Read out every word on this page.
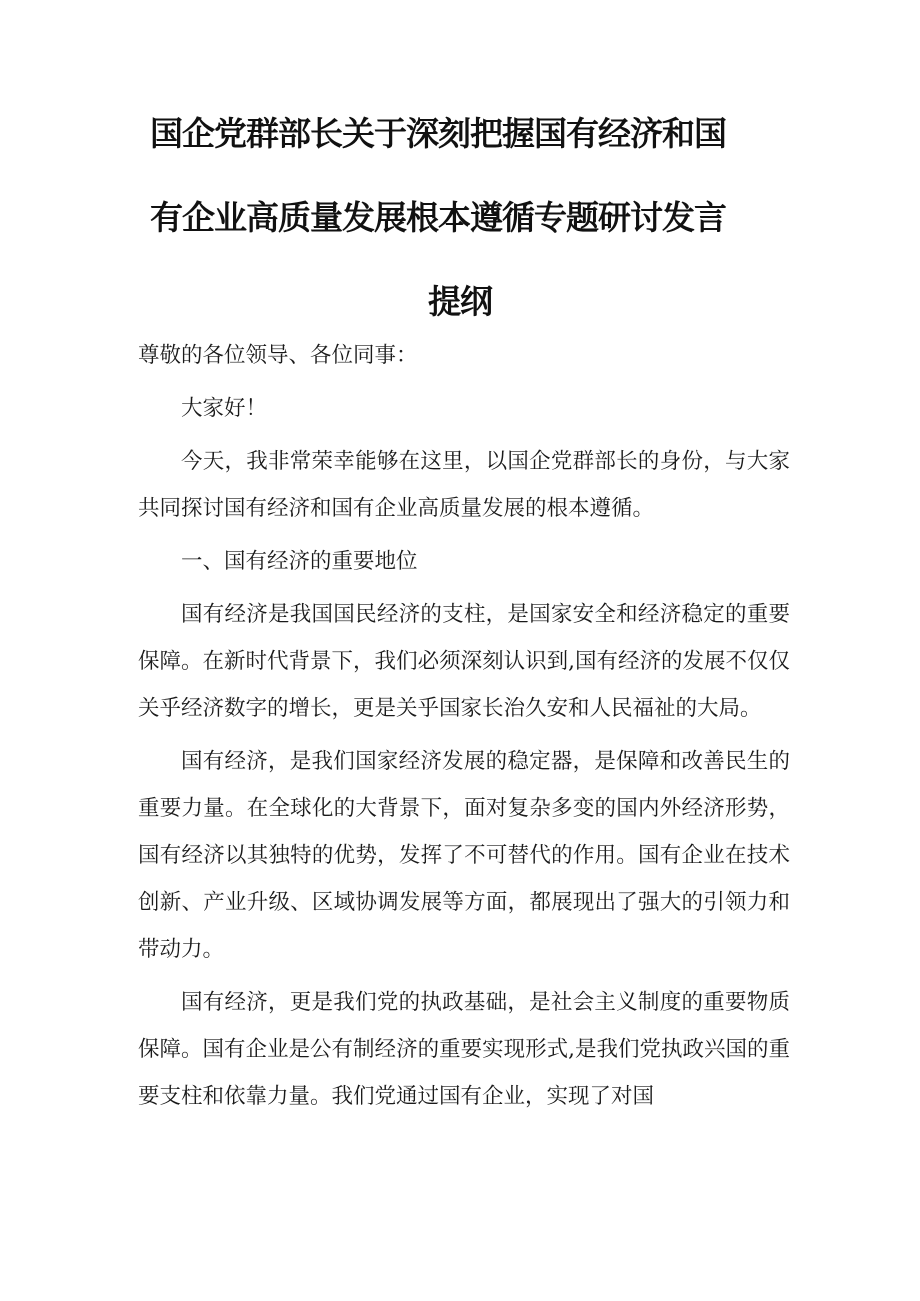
国企党群部长关于深刻把握国有经济和国
有企业高质量发展根本遵循专题研讨发言
提纲

尊敬的各位领导、各位同事：

大家好！

今天，我非常荣幸能够在这里，以国企党群部长的身份，与大家共同探讨国有经济和国有企业高质量发展的根本遵循。

一、国有经济的重要地位

国有经济是我国国民经济的支柱，是国家安全和经济稳定的重要保障。在新时代背景下，我们必须深刻认识到,国有经济的发展不仅仅关乎经济数字的增长，更是关乎国家长治久安和人民福祉的大局。

国有经济，是我们国家经济发展的稳定器，是保障和改善民生的重要力量。在全球化的大背景下，面对复杂多变的国内外经济形势，国有经济以其独特的优势，发挥了不可替代的作用。国有企业在技术创新、产业升级、区域协调发展等方面，都展现出了强大的引领力和带动力。

国有经济，更是我们党的执政基础，是社会主义制度的重要物质保障。国有企业是公有制经济的重要实现形式,是我们党执政兴国的重要支柱和依靠力量。我们党通过国有企业，实现了对国
